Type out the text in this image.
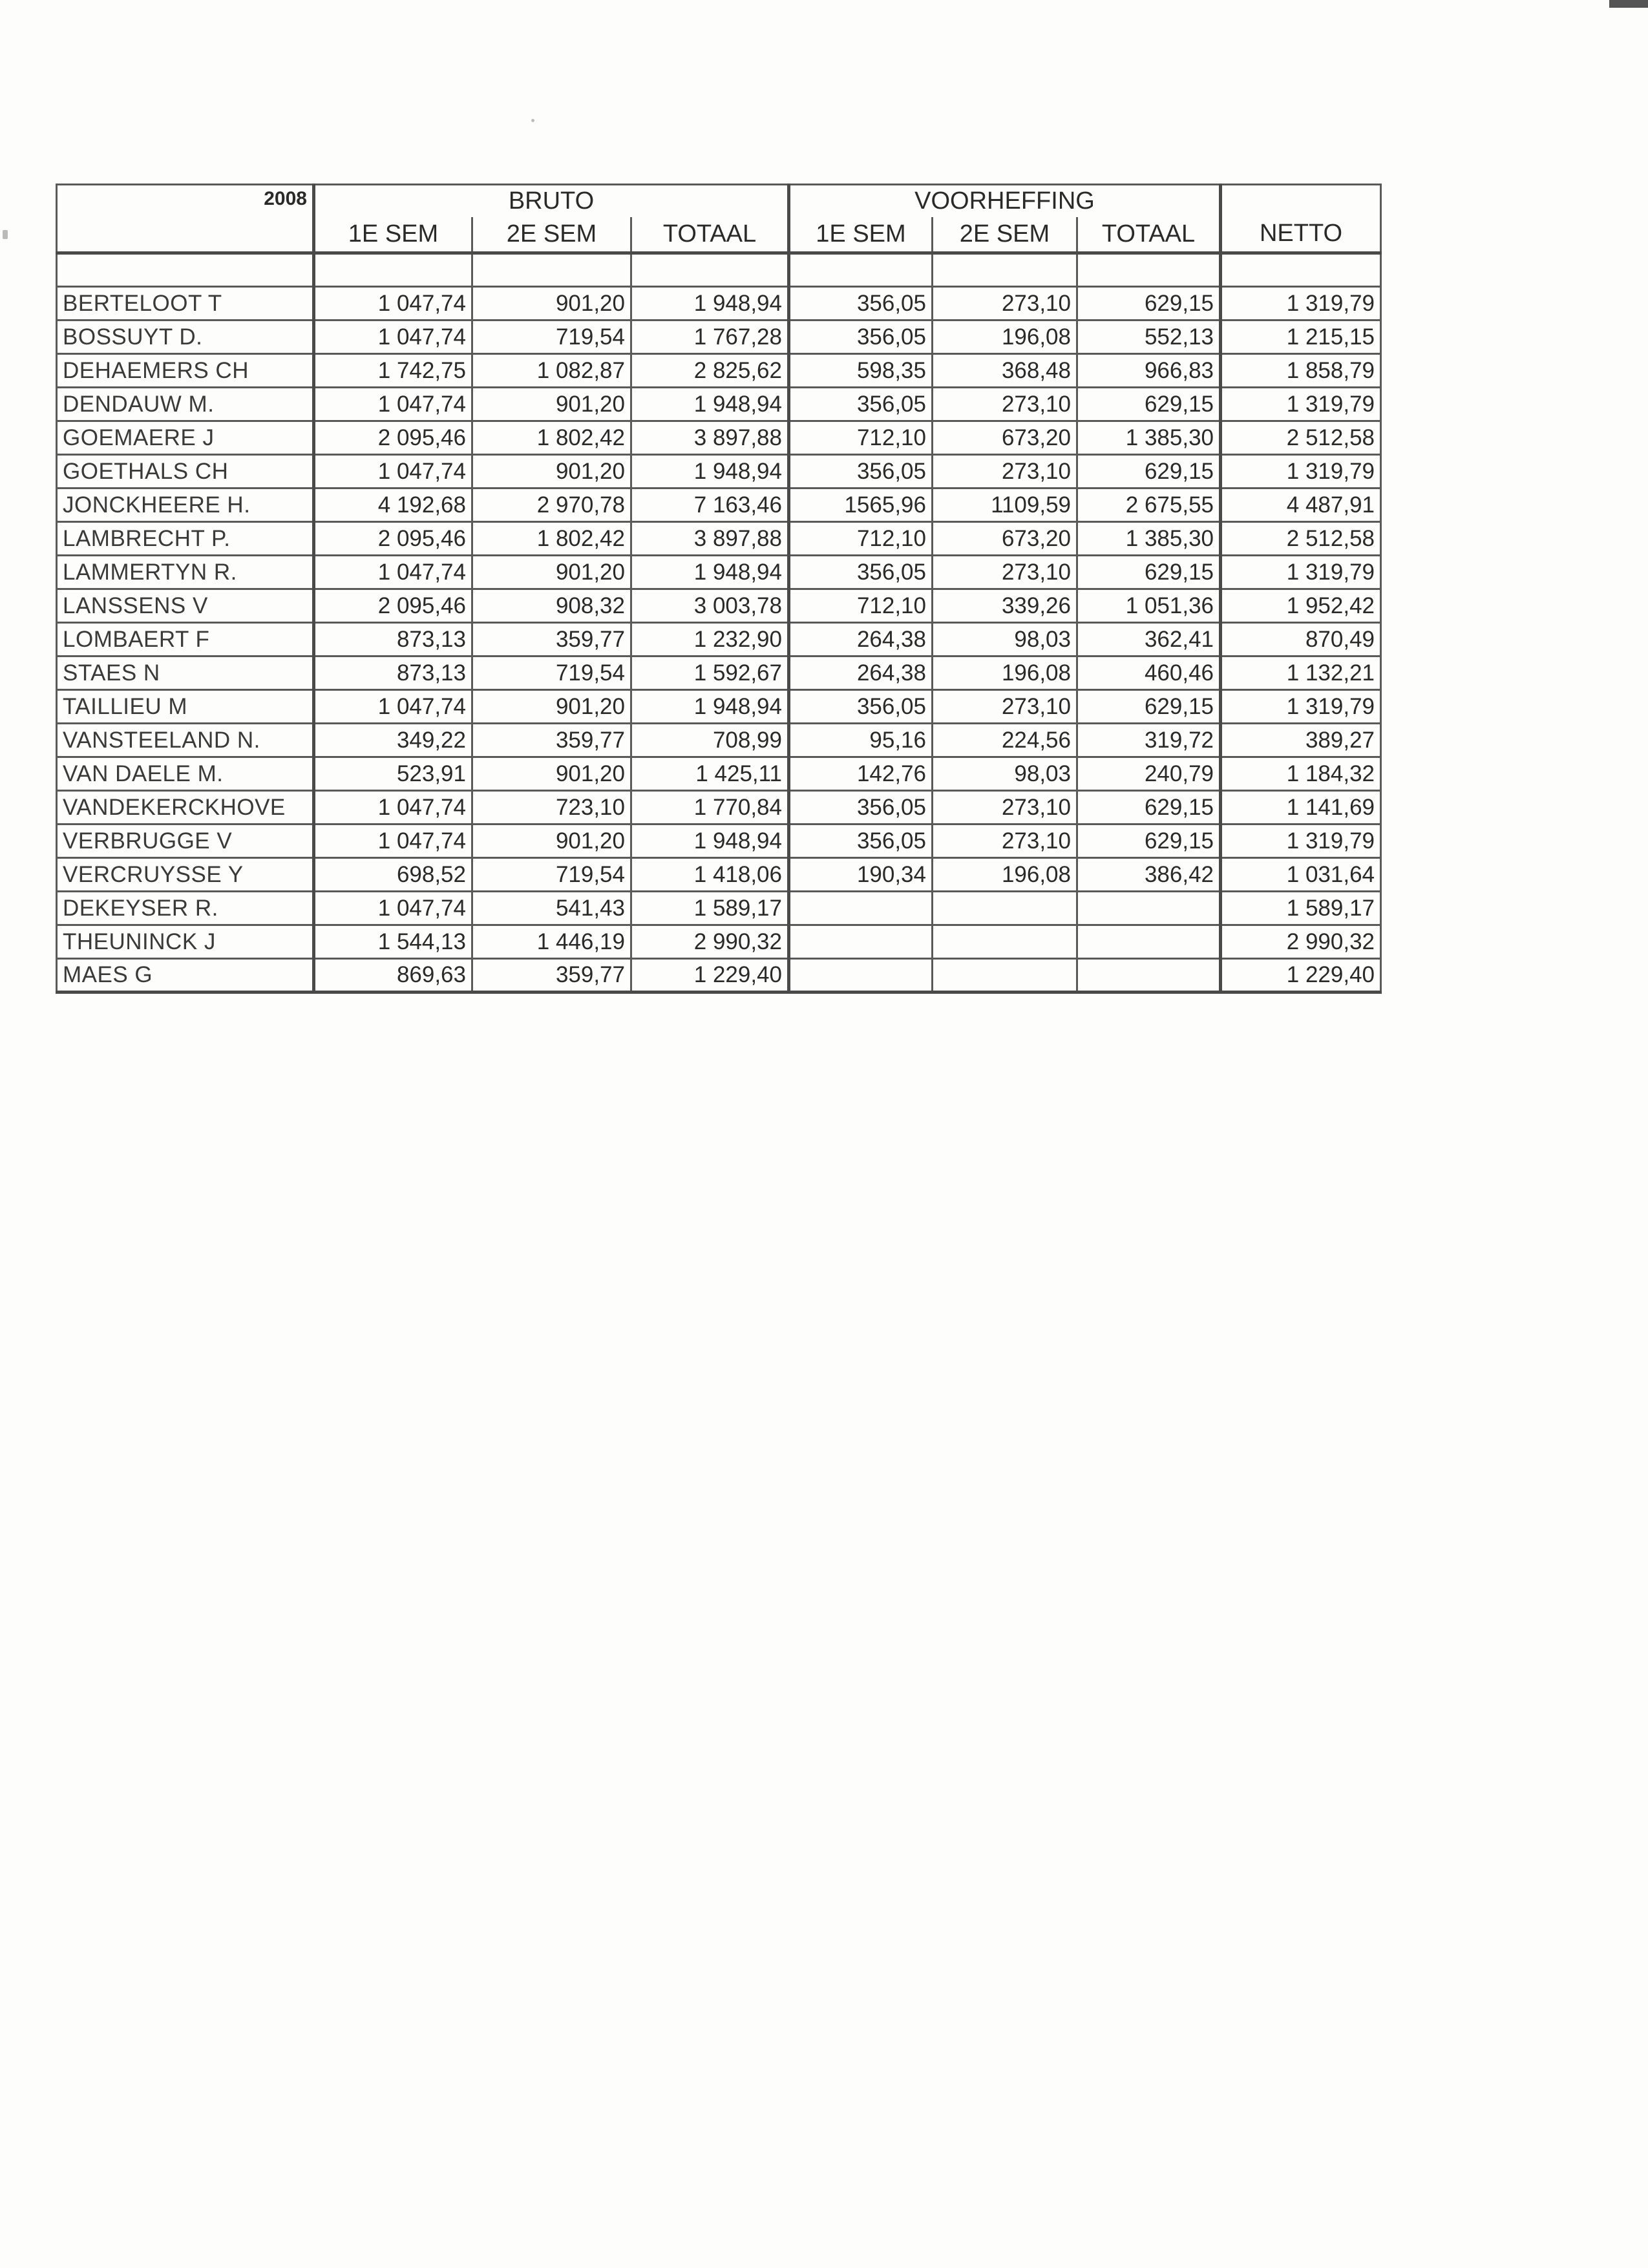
2008	BRUTO			VOORHEFFING			NETTO
	1E SEM	2E SEM	TOTAAL	1E SEM	2E SEM	TOTAAL	

BERTELOOT T	1 047,74	901,20	1 948,94	356,05	273,10	629,15	1 319,79
BOSSUYT D.	1 047,74	719,54	1 767,28	356,05	196,08	552,13	1 215,15
DEHAEMERS CH	1 742,75	1 082,87	2 825,62	598,35	368,48	966,83	1 858,79
DENDAUW M.	1 047,74	901,20	1 948,94	356,05	273,10	629,15	1 319,79
GOEMAERE J	2 095,46	1 802,42	3 897,88	712,10	673,20	1 385,30	2 512,58
GOETHALS CH	1 047,74	901,20	1 948,94	356,05	273,10	629,15	1 319,79
JONCKHEERE H.	4 192,68	2 970,78	7 163,46	1565,96	1109,59	2 675,55	4 487,91
LAMBRECHT P.	2 095,46	1 802,42	3 897,88	712,10	673,20	1 385,30	2 512,58
LAMMERTYN R.	1 047,74	901,20	1 948,94	356,05	273,10	629,15	1 319,79
LANSSENS V	2 095,46	908,32	3 003,78	712,10	339,26	1 051,36	1 952,42
LOMBAERT F	873,13	359,77	1 232,90	264,38	98,03	362,41	870,49
STAES N	873,13	719,54	1 592,67	264,38	196,08	460,46	1 132,21
TAILLIEU M	1 047,74	901,20	1 948,94	356,05	273,10	629,15	1 319,79
VANSTEELAND N.	349,22	359,77	708,99	95,16	224,56	319,72	389,27
VAN DAELE M.	523,91	901,20	1 425,11	142,76	98,03	240,79	1 184,32
VANDEKERCKHOVE	1 047,74	723,10	1 770,84	356,05	273,10	629,15	1 141,69
VERBRUGGE V	1 047,74	901,20	1 948,94	356,05	273,10	629,15	1 319,79
VERCRUYSSE Y	698,52	719,54	1 418,06	190,34	196,08	386,42	1 031,64
DEKEYSER R.	1 047,74	541,43	1 589,17				1 589,17
THEUNINCK J	1 544,13	1 446,19	2 990,32				2 990,32
MAES G	869,63	359,77	1 229,40				1 229,40
